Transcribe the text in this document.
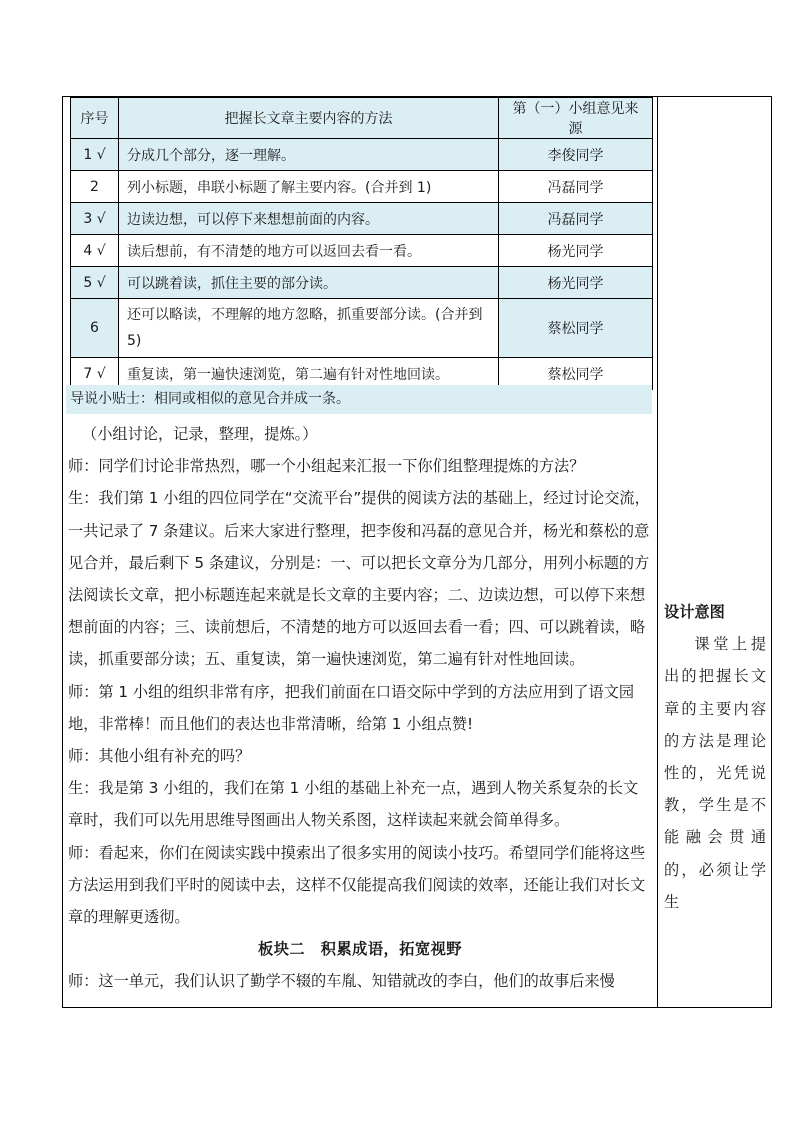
序号	把握长文章主要内容的方法	第（一）小组意见来源
1 √	分成几个部分，逐一理解。	李俊同学
2	列小标题，串联小标题了解主要内容。(合并到 1)	冯磊同学
3 √	边读边想，可以停下来想想前面的内容。	冯磊同学
4 √	读后想前，有不清楚的地方可以返回去看一看。	杨光同学
5 √	可以跳着读，抓住主要的部分读。	杨光同学
6	还可以略读，不理解的地方忽略，抓重要部分读。(合并到 5)	蔡松同学
7 √	重复读，第一遍快速浏览，第二遍有针对性地回读。	蔡松同学
导说小贴士：相同或相似的意见合并成一条。

（小组讨论，记录，整理，提炼。）

师：同学们讨论非常热烈，哪一个小组起来汇报一下你们组整理提炼的方法？

生：我们第 1 小组的四位同学在“交流平台”提供的阅读方法的基础上，经过讨论交流，一共记录了 7 条建议。后来大家进行整理，把李俊和冯磊的意见合并，杨光和蔡松的意见合并，最后剩下 5 条建议，分别是：一、可以把长文章分为几部分，用列小标题的方法阅读长文章，把小标题连起来就是长文章的主要内容；二、边读边想，可以停下来想想前面的内容；三、读前想后，不清楚的地方可以返回去看一看；四、可以跳着读，略读，抓重要部分读；五、重复读，第一遍快速浏览，第二遍有针对性地回读。

师：第 1 小组的组织非常有序，把我们前面在口语交际中学到的方法应用到了语文园地，非常棒！而且他们的表达也非常清晰，给第 1 小组点赞!

师：其他小组有补充的吗？

生：我是第 3 小组的，我们在第 1 小组的基础上补充一点，遇到人物关系复杂的长文章时，我们可以先用思维导图画出人物关系图，这样读起来就会简单得多。

师：看起来，你们在阅读实践中摸索出了很多实用的阅读小技巧。希望同学们能将这些方法运用到我们平时的阅读中去，这样不仅能提高我们阅读的效率，还能让我们对长文章的理解更透彻。

板块二　积累成语，拓宽视野

师：这一单元，我们认识了勤学不辍的车胤、知错就改的李白，他们的故事后来慢

设计意图
课堂上提出的把握长文章的主要内容的方法是理论性的，光凭说教，学生是不能融会贯通的，必须让学生
